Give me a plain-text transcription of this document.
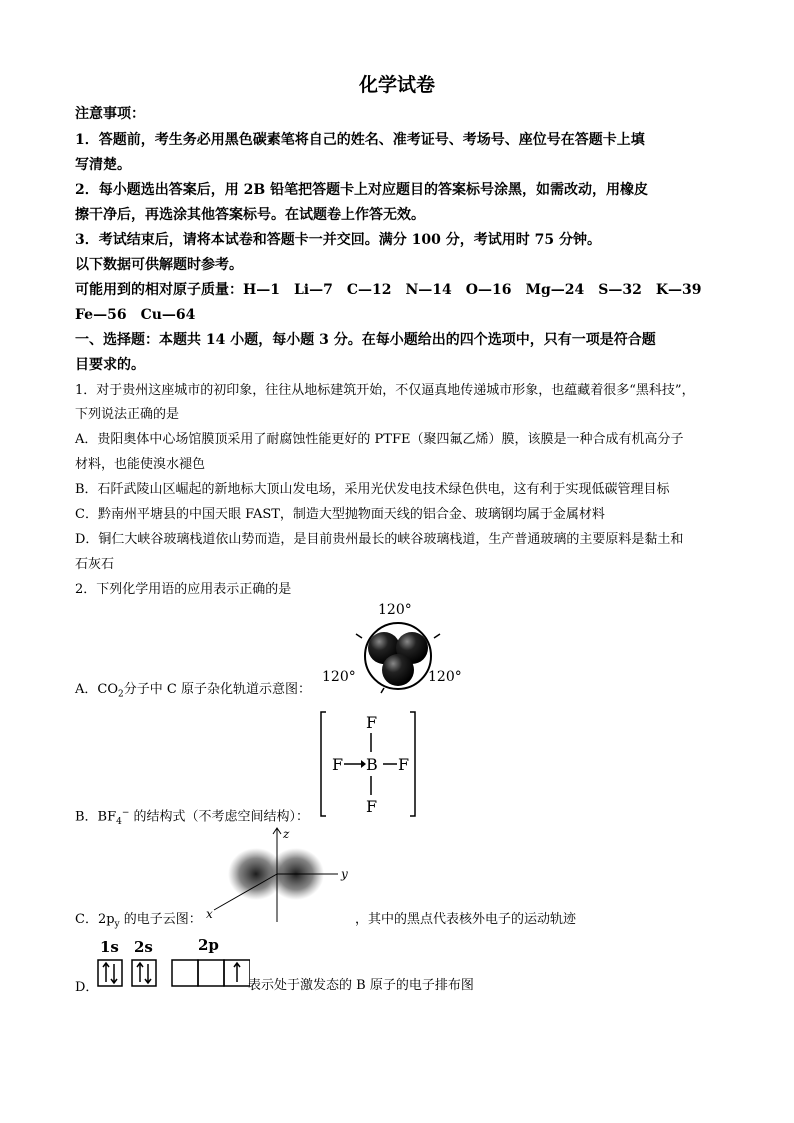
化学试卷
注意事项：
1．答题前，考生务必用黑色碳素笔将自己的姓名、准考证号、考场号、座位号在答题卡上填
写清楚。
2．每小题选出答案后，用 2B 铅笔把答题卡上对应题目的答案标号涂黑，如需改动，用橡皮
擦干净后，再选涂其他答案标号。在试题卷上作答无效。
3．考试结束后，请将本试卷和答题卡一并交回。满分 100 分，考试用时 75 分钟。
以下数据可供解题时参考。
可能用到的相对原子质量：H—1　Li—7　C—12　N—14　O—16　Mg—24　S—32　K—39
Fe—56　Cu—64
一、选择题：本题共 14 小题，每小题 3 分。在每小题给出的四个选项中，只有一项是符合题
目要求的。
1．对于贵州这座城市的初印象，往往从地标建筑开始，不仅逼真地传递城市形象，也蕴藏着很多“黑科技”，
下列说法正确的是
A．贵阳奥体中心场馆膜顶采用了耐腐蚀性能更好的 PTFE（聚四氟乙烯）膜，该膜是一种合成有机高分子
材料，也能使溴水褪色
B．石阡武陵山区崛起的新地标大顶山发电场，采用光伏发电技术绿色供电，这有利于实现低碳管理目标
C．黔南州平塘县的中国天眼 FAST，制造大型抛物面天线的铝合金、玻璃钢均属于金属材料
D．铜仁大峡谷玻璃栈道依山势而造，是目前贵州最长的峡谷玻璃栈道，生产普通玻璃的主要原料是黏土和
石灰石
2．下列化学用语的应用表示正确的是
A．$CO_2$分子中 C 原子杂化轨道示意图：
120°
120°	120°
B．$BF_4^-$ 的结构式（不考虑空间结构）：
F
F B F
F
C．$2p_y$ 的电子云图：	，其中的黑点代表核外电子的运动轨迹
z
y
x
D．
1s 2s	2p
表示处于激发态的 B 原子的电子排布图
